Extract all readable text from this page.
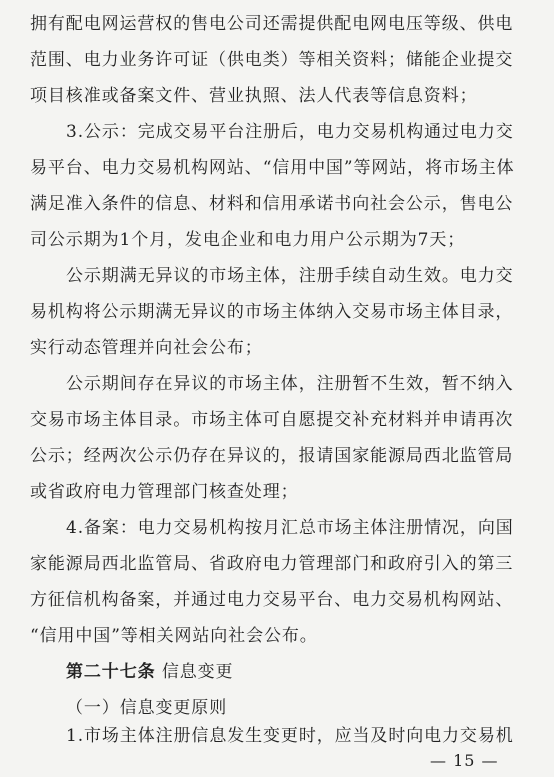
拥有配电网运营权的售电公司还需提供配电网电压等级、供电
范围、电力业务许可证（供电类）等相关资料；储能企业提交
项目核准或备案文件、营业执照、法人代表等信息资料；
3.公示：完成交易平台注册后，电力交易机构通过电力交
易平台、电力交易机构网站、“信用中国”等网站，将市场主体
满足准入条件的信息、材料和信用承诺书向社会公示，售电公
司公示期为1个月，发电企业和电力用户公示期为7天；
公示期满无异议的市场主体，注册手续自动生效。电力交
易机构将公示期满无异议的市场主体纳入交易市场主体目录，
实行动态管理并向社会公布；
公示期间存在异议的市场主体，注册暂不生效，暂不纳入
交易市场主体目录。市场主体可自愿提交补充材料并申请再次
公示；经两次公示仍存在异议的，报请国家能源局西北监管局
或省政府电力管理部门核查处理；
4.备案：电力交易机构按月汇总市场主体注册情况，向国
家能源局西北监管局、省政府电力管理部门和政府引入的第三
方征信机构备案，并通过电力交易平台、电力交易机构网站、
“信用中国”等相关网站向社会公布。
第二十七条 信息变更
（一）信息变更原则
1.市场主体注册信息发生变更时，应当及时向电力交易机
— 15 —
